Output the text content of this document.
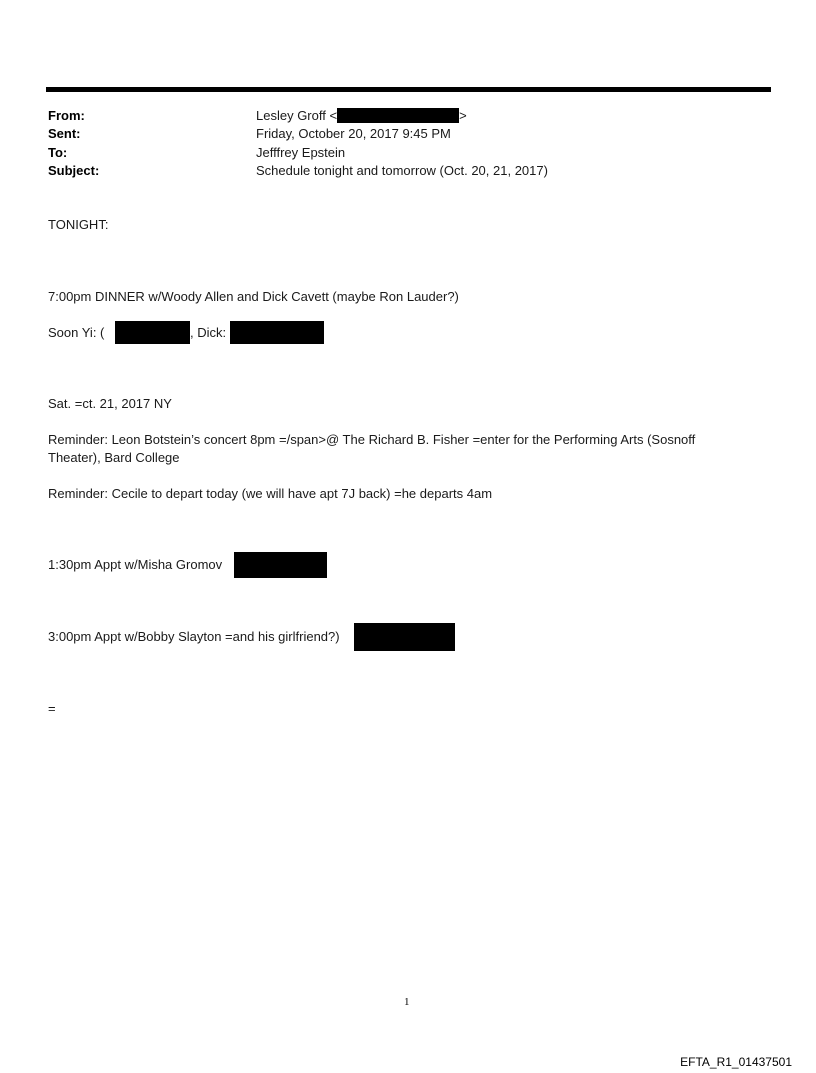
From:	Lesley Groff <	>
Sent:	Friday, October 20, 2017 9:45 PM
To:	Jefffrey Epstein
Subject:	Schedule tonight and tomorrow (Oct. 20, 21, 2017)
TONIGHT:
7:00pm DINNER w/Woody Allen and Dick Cavett (maybe Ron Lauder?)
Soon Yi: (	, Dick:
Sat. =ct. 21, 2017 NY
Reminder: Leon Botstein’s concert 8pm =/span>@ The Richard B. Fisher =enter for the Performing Arts (Sosnoff Theater), Bard College
Reminder: Cecile to depart today (we will have apt 7J back) =he departs 4am
1:30pm Appt w/Misha Gromov
3:00pm Appt w/Bobby Slayton =and his girlfriend?)
=
1
EFTA_R1_01437501
